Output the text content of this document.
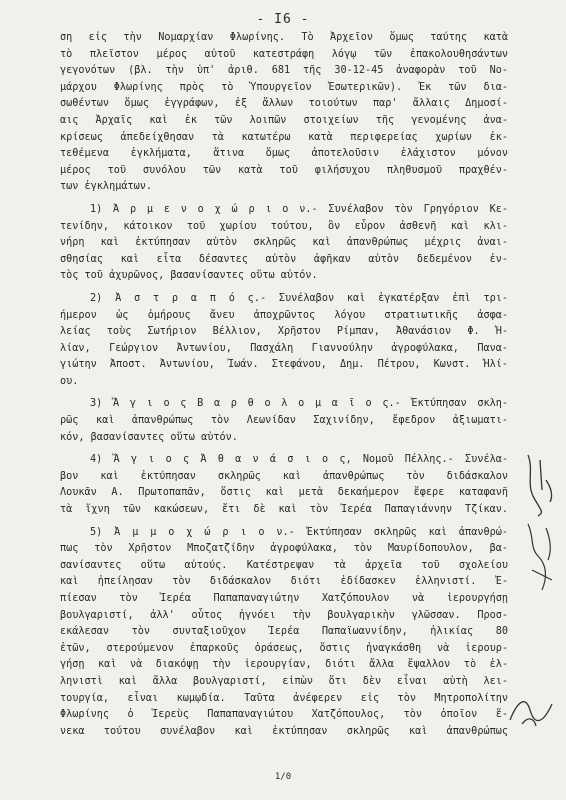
- I6 -
ση εἰς τὴν Νομαρχίαν Φλωρίνης. Τὸ Ἀρχεῖον ὅμως ταύτης κατὰ
τὸ πλεῖστον μέρος αὐτοῦ κατεστράφη λόγῳ τῶν ἐπακολουθησάντων
γεγονότων (βλ. τὴν ὑπ' ἀριθ. 681 τῆς 30-12-45 ἀναφορὰν τοῦ Νο-
μάρχου Φλωρίνης πρὸς τὸ Ὑπουργεῖον Ἐσωτερικῶν). Ἐκ τῶν δια-
σωθέντων ὅμως ἐγγράφων, ἐξ ἄλλων τοιούτων παρ' ἄλλαις Δημοσί-
αις Ἀρχαῖς καὶ ἐκ τῶν λοιπῶν στοιχείων τῆς γενομένης ἀνα-
κρίσεως ἀπεδείχθησαν τὰ κατωτέρω κατὰ περιφερείας χωρίων ἐκ-
τεθέμενα ἐγκλήματα, ἅτινα ὅμως ἀποτελοῦσιν ἐλάχιστον μόνον
μέρος τοῦ συνόλου τῶν κατὰ τοῦ φιλήσυχου πληθυσμοῦ πραχθέν-
των ἐγκλημάτων.
1) Ἀ ρ μ ε ν ο χ ώ ρ ι ο ν.- Συνέλαβον τὸν Γρηγόριον Κε-
τενίδην, κάτοικον τοῦ χωρίου τούτου, ὃν εὗρον ἀσθενῆ καὶ κλι-
νήρη καὶ ἐκτύπησαν αὐτὸν σκληρῶς καὶ ἀπανθρώπως μέχρις ἀναι-
σθησίας καὶ εἶτα δέσαντες αὐτὸν ἀφῆκαν αὐτὸν δεδεμένον ἐν-
τὸς τοῦ ἀχυρῶνος, βασανίσαντες οὕτω αὐτόν.
2) Ἀ σ τ ρ α π ό ς.- Συνέλαβον καὶ ἐγκατέρξαν ἐπὶ τρι-
ήμερον ὡς ὁμήρους ἄνευ ἀποχρῶντος λόγου στρατιωτικῆς ἀσφα-
λείας τοὺς Σωτήριον Βέλλιον, Χρῆστον Ρίμπαν, Ἀθανάσιον Φ. Ἠ-
λίαν, Γεώργιον Ἀντωνίου, Πασχάλη Γιαννούλην ἀγροφύλακα, Πανα-
γιώτην Ἀποστ. Ἀντωνίου, Ἰωάν. Στεφάνου, Δημ. Πέτρου, Κωνστ. Ἠλί-
ου.
3) Ἅ γ ι ο ς Β α ρ θ ο λ ο μ α ῖ ο ς.- Ἐκτύπησαν σκλη-
ρῶς καὶ ἀπανθρώπως τὸν Λεωνίδαν Σαχινίδην, ἔφεδρον ἀξιωματι-
κόν, βασανίσαντες οὕτω αὐτόν.
4) Ἅ γ ι ο ς Ἀ θ α ν ά σ ι ο ς, Νομοῦ Πέλλης.- Συνέλα-
βον καὶ ἐκτύπησαν σκληρῶς καὶ ἀπανθρώπως τὸν διδάσκαλον
Λουκᾶν Α. Πρωτοπαπᾶν, ὅστις καὶ μετὰ δεκαήμερον ἔφερε καταφανῆ
τὰ ἴχνη τῶν κακώσεων, ἔτι δὲ καὶ τὸν Ἱερέα Παπαγιάννην Τζίκαν.
5) Ἀ μ μ ο χ ώ ρ ι ο ν.- Ἐκτύπησαν σκληρῶς καὶ ἀπανθρώ-
πως τὸν Χρῆστον Μποζατζίδην ἀγροφύλακα, τὸν Μαυρίδοπουλον, βα-
σανίσαντες οὕτω αὐτούς. Κατέστρεψαν τὰ ἀρχεῖα τοῦ σχολείου
καὶ ἠπείλησαν τὸν διδάσκαλον διότι ἐδίδασκεν ἑλληνιστί. Ἐ-
πίεσαν τὸν Ἱερέα Παπαπαναγιώτην Χατζόπουλον νὰ ἱερουργήσῃ
βουλγαριστί, ἀλλ' οὗτος ἠγνόει τὴν βουλγαρικὴν γλῶσσαν. Προσ-
εκάλεσαν τὸν συνταξιοῦχον Ἱερέα Παπαϊωαννίδην, ἡλικίας 80
ἐτῶν, στερούμενον ἐπαρκοῦς ὁράσεως, ὅστις ἠναγκάσθη νὰ ἱερουρ-
γήσῃ καὶ νὰ διακόψῃ τὴν ἱερουργίαν, διότι ἄλλα ἔψαλλον τὸ ἑλ-
ληνιστὶ καὶ ἄλλα βουλγαριστί, εἰπὼν ὅτι δὲν εἶναι αὐτὴ λει-
τουργία, εἶναι κωμῳδία. Ταῦτα ἀνέφερεν εἰς τὸν Μητροπολίτην
Φλωρίνης ὁ Ἱερεὺς Παπαπαναγιώτου Χατζόπουλος, τὸν ὁποῖον ἕ-
νεκα τούτου συνέλαβον καὶ ἐκτύπησαν σκληρῶς καὶ ἀπανθρώπως
1/0
